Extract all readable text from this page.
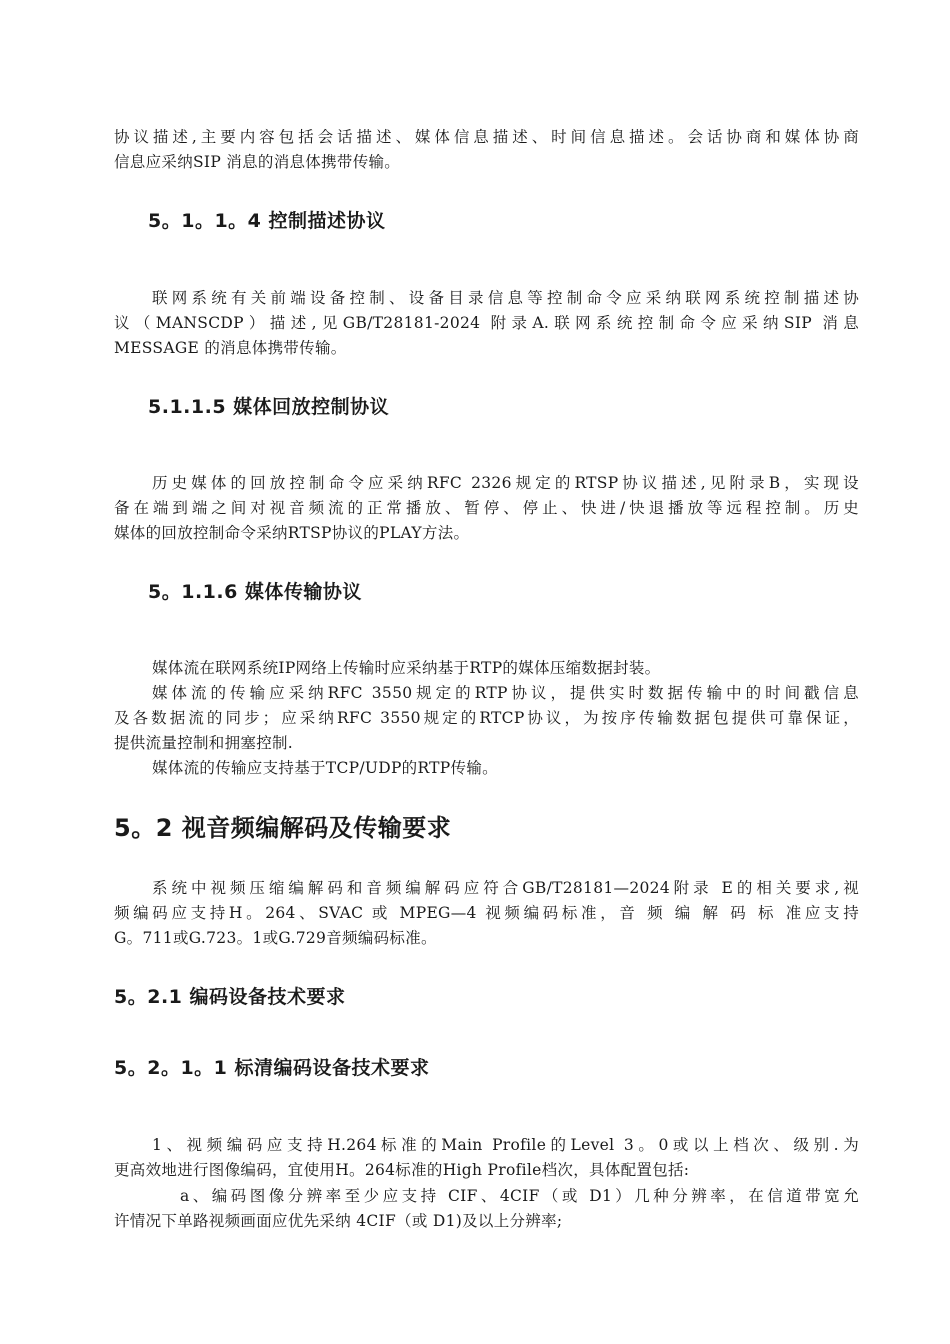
协议描述,主要内容包括会话描述、媒体信息描述、时间信息描述。会话协商和媒体协商

信息应采纳SIP 消息的消息体携带传输。

5。1。1。4 控制描述协议

联网系统有关前端设备控制、设备目录信息等控制命令应采纳联网系统控制描述协

议（MANSCDP）描述,见GB/T28181-2024 附录A.联网系统控制命令应采纳SIP 消息

MESSAGE 的消息体携带传输。

5.1.1.5 媒体回放控制协议

历史媒体的回放控制命令应采纳RFC 2326规定的RTSP协议描述,见附录B，实现设

备在端到端之间对视音频流的正常播放、暂停、停止、快进/快退播放等远程控制。历史

媒体的回放控制命令采纳RTSP协议的PLAY方法。

5。1.1.6 媒体传输协议

媒体流在联网系统IP网络上传输时应采纳基于RTP的媒体压缩数据封装。

媒体流的传输应采纳RFC 3550规定的RTP协议，提供实时数据传输中的时间戳信息

及各数据流的同步；应采纳RFC 3550规定的RTCP协议，为按序传输数据包提供可靠保证，

提供流量控制和拥塞控制.

媒体流的传输应支持基于TCP/UDP的RTP传输。

5。2 视音频编解码及传输要求

系统中视频压缩编解码和音频编解码应符合GB/T28181—2024附录 E的相关要求,视

频编码应支持H。264、SVAC 或 MPEG—4 视频编码标准，音 频 编 解 码 标 准应支持

G。711或G.723。1或G.729音频编码标准。

5。2.1 编码设备技术要求
5。2。1。1 标清编码设备技术要求

1、视频编码应支持H.264标准的Main Profile的Level 3。0或以上档次、级别.为

更高效地进行图像编码，宜使用H。264标准的High Profile档次，具体配置包括:

a、编码图像分辨率至少应支持 CIF、4CIF（或 D1）几种分辨率，在信道带宽允

许情况下单路视频画面应优先采纳 4CIF（或 D1)及以上分辨率;
